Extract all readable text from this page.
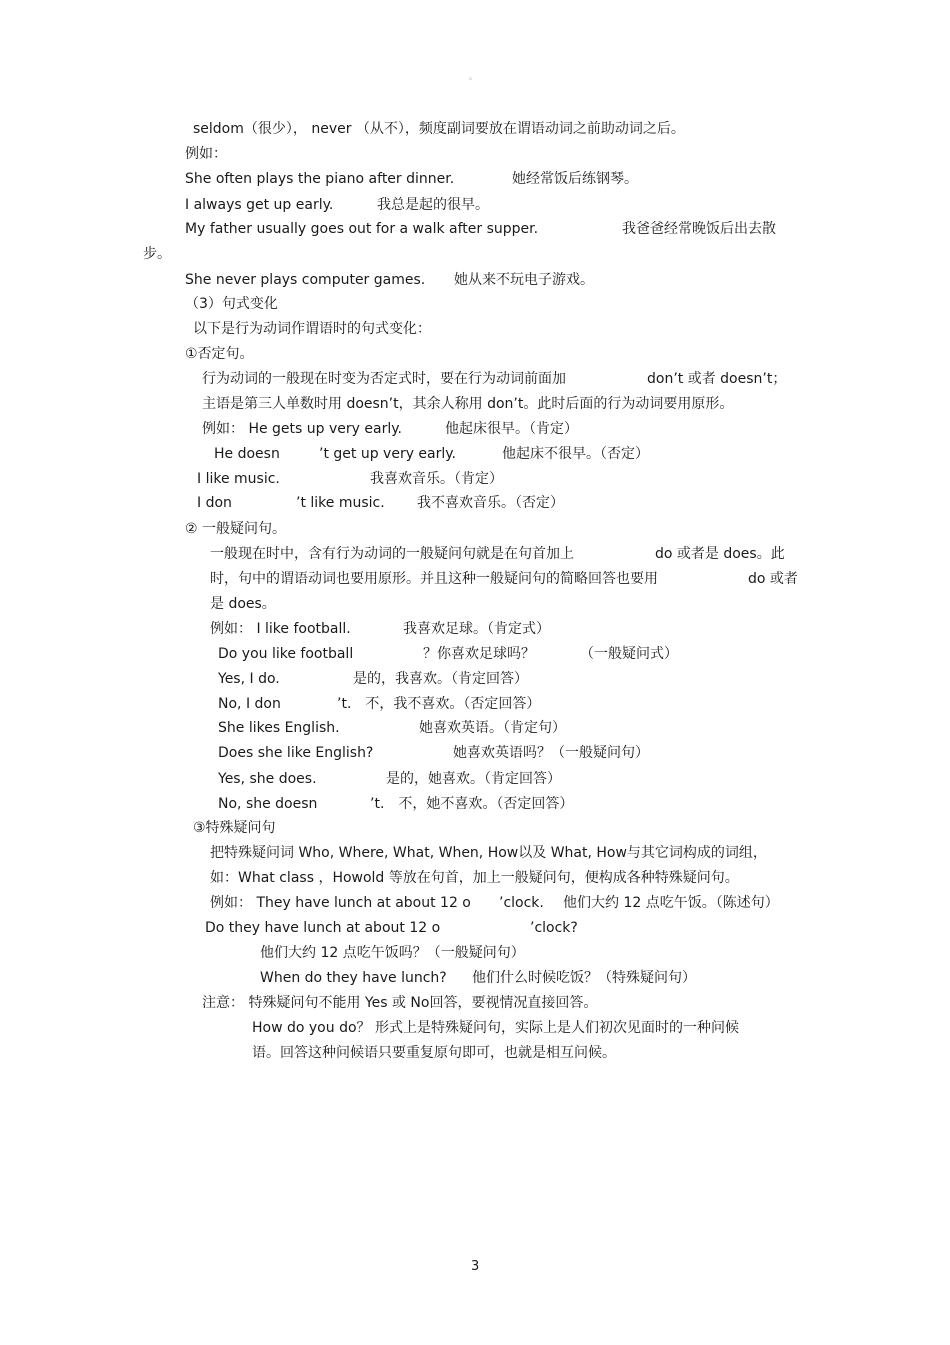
。
seldom（很少）， never （从不），频度副词要放在谓语动词之前助动词之后。
例如：
She often plays the piano after dinner.	她经常饭后练钢琴。
I always get up early.	我总是起的很早。
My father usually goes out for a walk after supper.	我爸爸经常晚饭后出去散
步。
She never plays computer games. 她从来不玩电子游戏。
（3）句式变化
以下是行为动词作谓语时的句式变化：
①否定句。
行为动词的一般现在时变为否定式时，要在行为动词前面加	don’t 或者 doesn’t；
主语是第三人单数时用 doesn’t，其余人称用 don’t。此时后面的行为动词要用原形。
例如： He gets up very early.	他起床很早。（肯定）
He doesn	’t get up very early.	他起床不很早。（否定）
I like music.	我喜欢音乐。（肯定）
I don	’t like music. 我不喜欢音乐。（否定）
② 一般疑问句。
一般现在时中，含有行为动词的一般疑问句就是在句首加上	do 或者是 does。此
时，句中的谓语动词也要用原形。并且这种一般疑问句的简略回答也要用	do 或者
是 does。
例如： I like football.	我喜欢足球。（肯定式）
Do you like football	？你喜欢足球吗？	（一般疑问式）
Yes, I do.	是的，我喜欢。（肯定回答）
No, I don	’t.　不，我不喜欢。（否定回答）
She likes English.	她喜欢英语。（肯定句）
Does she like English?	她喜欢英语吗？（一般疑问句）
Yes, she does.	是的，她喜欢。（肯定回答）
No, she doesn	’t.　不，她不喜欢。（否定回答）
③特殊疑问句
把特殊疑问词 Who, Where, What, When, How以及 What, How与其它词构成的词组，
如：What class ，Howold 等放在句首，加上一般疑问句，便构成各种特殊疑问句。
例如： They have lunch at about 12 o ’clock. 他们大约 12 点吃午饭。（陈述句）
Do they have lunch at about 12 o	’clock?
他们大约 12 点吃午饭吗？（一般疑问句）
When do they have lunch? 他们什么时候吃饭？（特殊疑问句）
注意： 特殊疑问句不能用 Yes 或 No回答，要视情况直接回答。
How do you do？ 形式上是特殊疑问句，实际上是人们初次见面时的一种问候
语。回答这种问候语只要重复原句即可，也就是相互问候。
3
